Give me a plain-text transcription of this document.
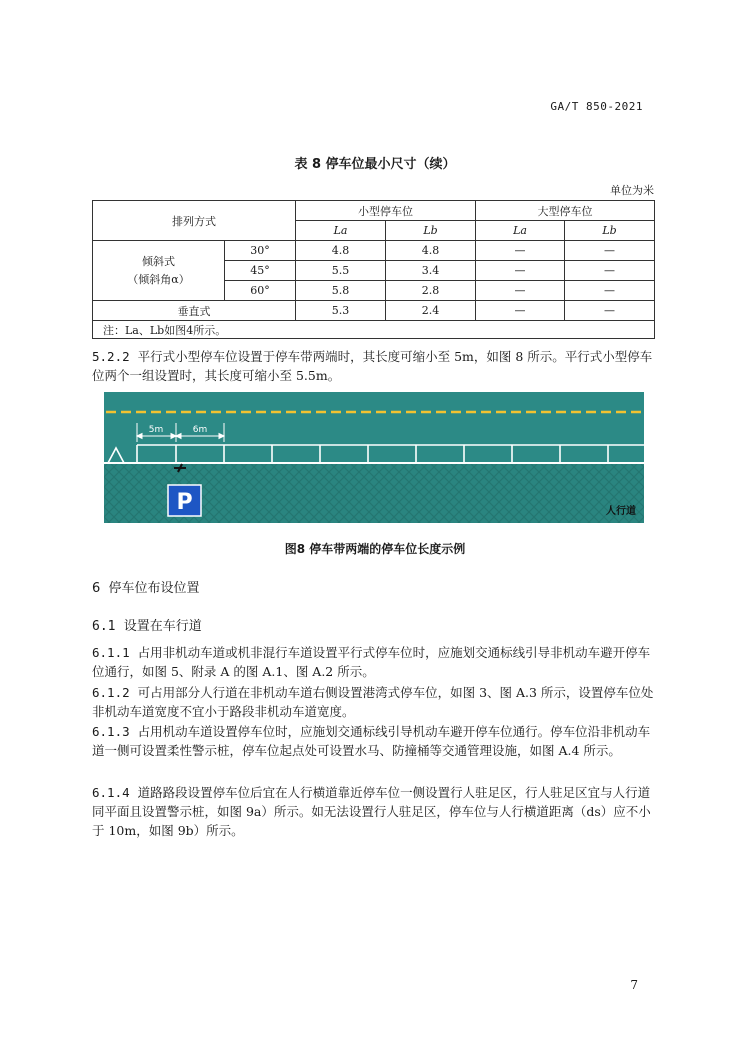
GA/T 850-2021
表 8 停车位最小尺寸（续）
单位为米
排列方式		小型停车位		大型停车位	
		La	Lb	La	Lb

倾斜式
（倾斜角α）	30°	4.8	4.8	—	—
	45°	5.5	3.4	—	—
	60°	5.8	2.8	—	—
垂直式		5.3	2.4	—	—
注：La、Lb如图4所示。					

5.2.2 平行式小型停车位设置于停车带两端时，其长度可缩小至 5m，如图 8 所示。平行式小型停车位两个一组设置时，其长度可缩小至 5.5m。

5m	6m
P	人行道
图8 停车带两端的停车位长度示例
6 停车位布设位置
6.1 设置在车行道

6.1.1 占用非机动车道或机非混行车道设置平行式停车位时，应施划交通标线引导非机动车避开停车位通行，如图 5、附录 A 的图 A.1、图 A.2 所示。

6.1.2 可占用部分人行道在非机动车道右侧设置港湾式停车位，如图 3、图 A.3 所示，设置停车位处非机动车道宽度不宜小于路段非机动车道宽度。

6.1.3 占用机动车道设置停车位时，应施划交通标线引导机动车避开停车位通行。停车位沿非机动车道一侧可设置柔性警示桩，停车位起点处可设置水马、防撞桶等交通管理设施，如图 A.4 所示。

6.1.4 道路路段设置停车位后宜在人行横道靠近停车位一侧设置行人驻足区，行人驻足区宜与人行道同平面且设置警示桩，如图 9a）所示。如无法设置行人驻足区，停车位与人行横道距离（ds）应不小于 10m，如图 9b）所示。

7
